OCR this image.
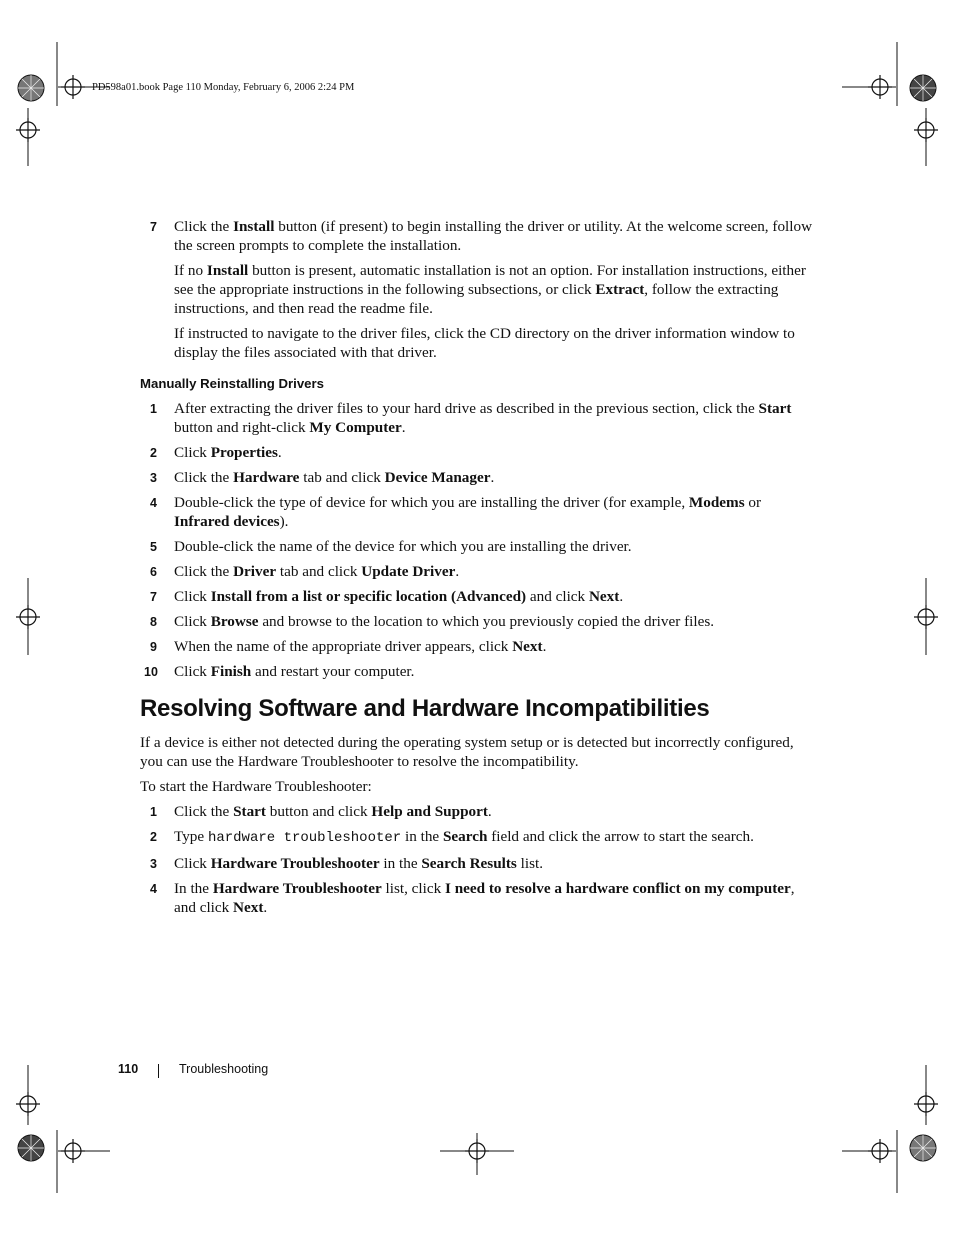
PD598a01.book Page 110 Monday, February 6, 2006 2:24 PM
7 Click the Install button (if present) to begin installing the driver or utility. At the welcome screen, follow the screen prompts to complete the installation.
If no Install button is present, automatic installation is not an option. For installation instructions, either see the appropriate instructions in the following subsections, or click Extract, follow the extracting instructions, and then read the readme file.
If instructed to navigate to the driver files, click the CD directory on the driver information window to display the files associated with that driver.
Manually Reinstalling Drivers
1 After extracting the driver files to your hard drive as described in the previous section, click the Start button and right-click My Computer.
2 Click Properties.
3 Click the Hardware tab and click Device Manager.
4 Double-click the type of device for which you are installing the driver (for example, Modems or Infrared devices).
5 Double-click the name of the device for which you are installing the driver.
6 Click the Driver tab and click Update Driver.
7 Click Install from a list or specific location (Advanced) and click Next.
8 Click Browse and browse to the location to which you previously copied the driver files.
9 When the name of the appropriate driver appears, click Next.
10 Click Finish and restart your computer.
Resolving Software and Hardware Incompatibilities
If a device is either not detected during the operating system setup or is detected but incorrectly configured, you can use the Hardware Troubleshooter to resolve the incompatibility.
To start the Hardware Troubleshooter:
1 Click the Start button and click Help and Support.
2 Type hardware troubleshooter in the Search field and click the arrow to start the search.
3 Click Hardware Troubleshooter in the Search Results list.
4 In the Hardware Troubleshooter list, click I need to resolve a hardware conflict on my computer, and click Next.
110	Troubleshooting
